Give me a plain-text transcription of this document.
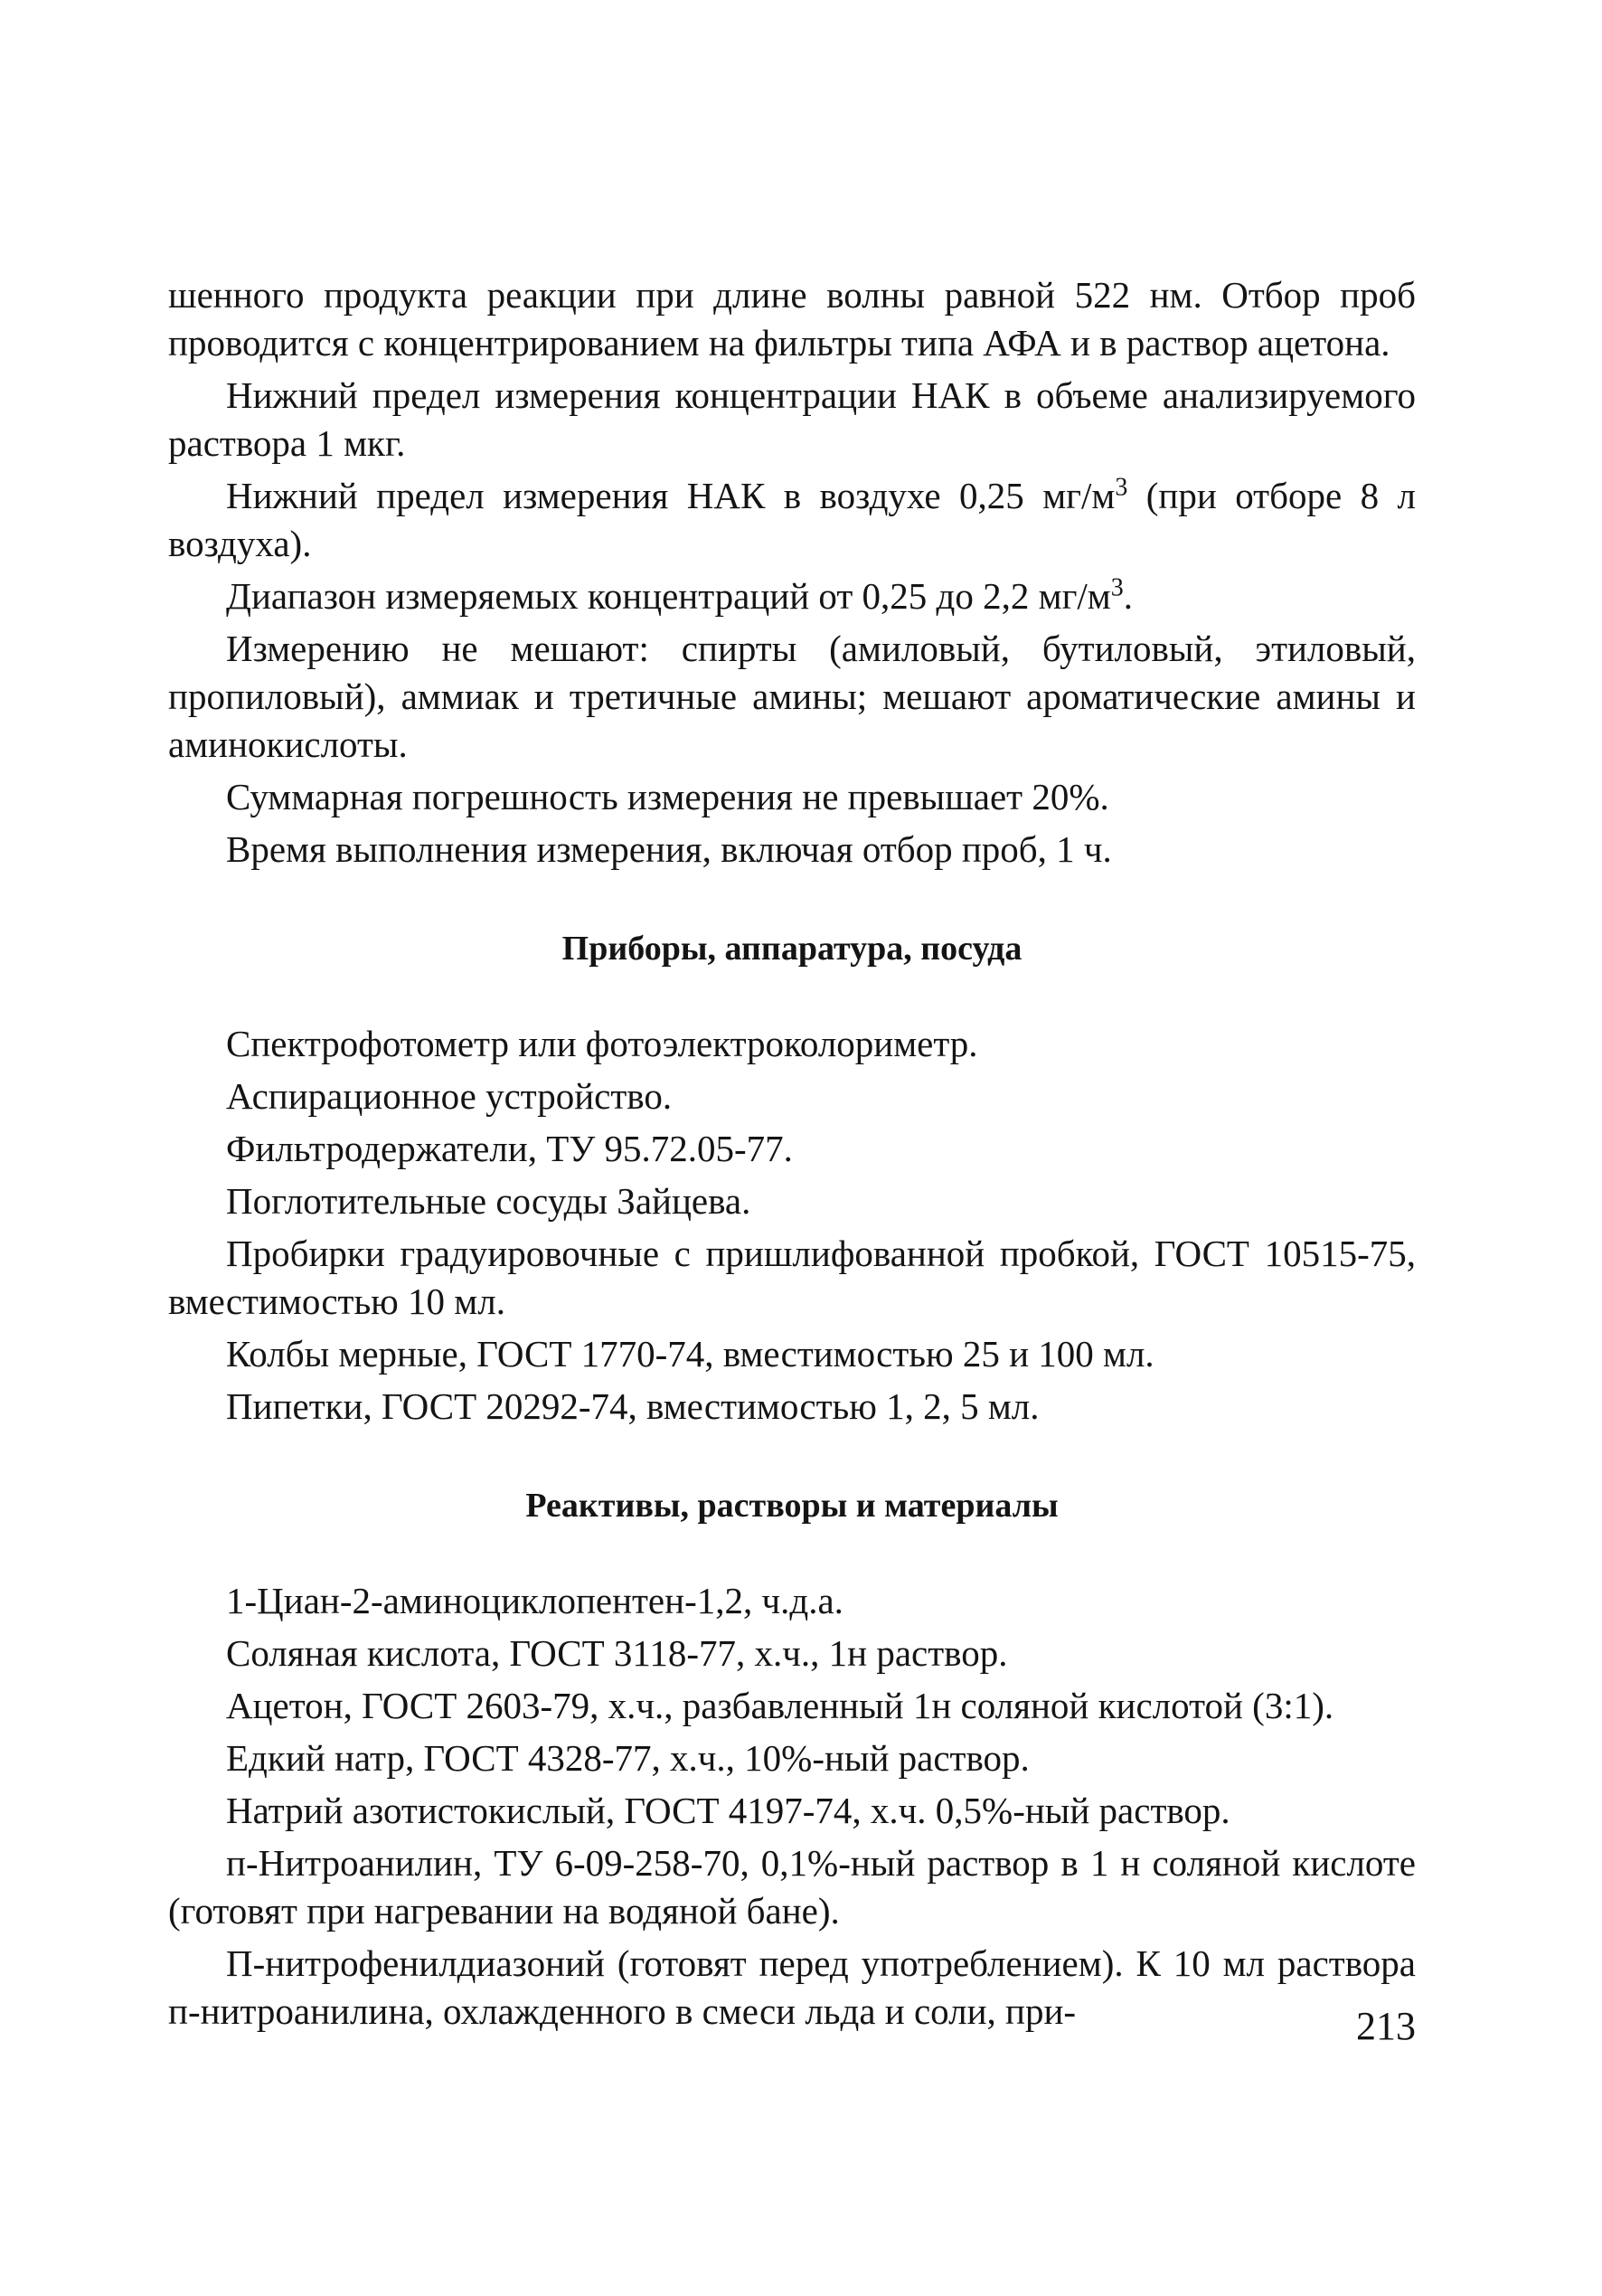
шенного продукта реакции при длине волны равной 522 нм. Отбор проб проводится с концентрированием на фильтры типа АФА и в раствор ацетона.

Нижний предел измерения концентрации НАК в объеме анализируемого раствора 1 мкг.

Нижний предел измерения НАК в воздухе 0,25 $мг/м^3$ (при отборе 8 л воздуха).

Диапазон измеряемых концентраций от 0,25 до 2,2 $мг/м^3$.

Измерению не мешают: спирты (амиловый, бутиловый, этиловый, пропиловый), аммиак и третичные амины; мешают ароматические амины и аминокислоты.

Суммарная погрешность измерения не превышает 20%.

Время выполнения измерения, включая отбор проб, 1 ч.

Приборы, аппаратура, посуда

Спектрофотометр или фотоэлектроколориметр.

Аспирационное устройство.

Фильтродержатели, ТУ 95.72.05-77.

Поглотительные сосуды Зайцева.

Пробирки градуировочные с пришлифованной пробкой, ГОСТ 10515-75, вместимостью 10 мл.

Колбы мерные, ГОСТ 1770-74, вместимостью 25 и 100 мл.

Пипетки, ГОСТ 20292-74, вместимостью 1, 2, 5 мл.

Реактивы, растворы и материалы

1-Циан-2-аминоциклопентен-1,2, ч.д.а.

Соляная кислота, ГОСТ 3118-77, х.ч., 1н раствор.

Ацетон, ГОСТ 2603-79, х.ч., разбавленный 1н соляной кислотой (3:1).

Едкий натр, ГОСТ 4328-77, х.ч., 10%-ный раствор.

Натрий азотистокислый, ГОСТ 4197-74, х.ч. 0,5%-ный раствор.

п-Нитроанилин, ТУ 6-09-258-70, 0,1%-ный раствор в 1 н соляной кислоте (готовят при нагревании на водяной бане).

П-нитрофенилдиазоний (готовят перед употреблением). К 10 мл раствора п-нитроанилина, охлажденного в смеси льда и соли, при-	213
